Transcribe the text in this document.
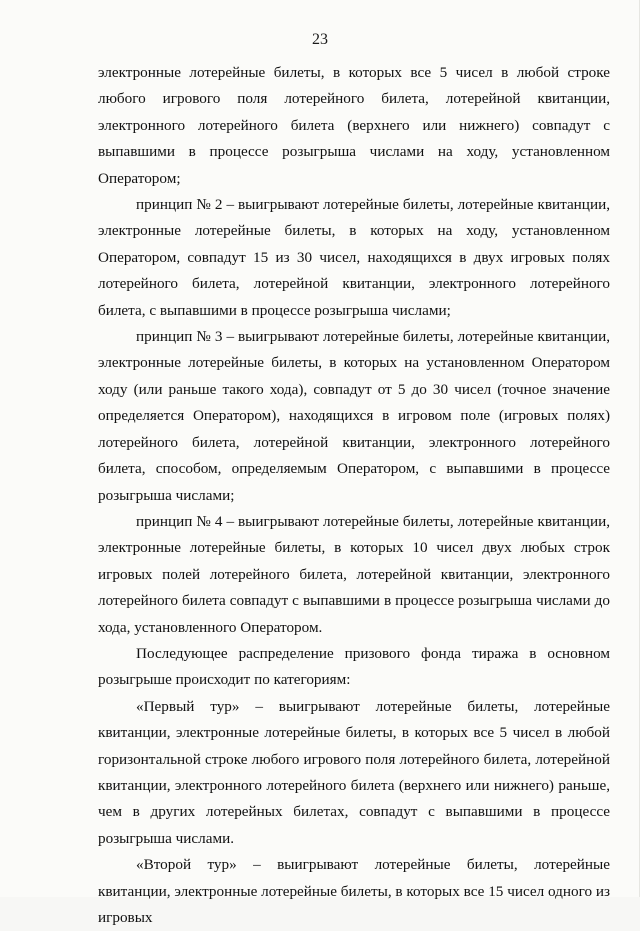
23

электронные лотерейные билеты, в которых все 5 чисел в любой строке любого игрового поля лотерейного билета, лотерейной квитанции, электронного лотерейного билета (верхнего или нижнего) совпадут с выпавшими в процессе розыгрыша числами на ходу, установленном Оператором;

принцип № 2 – выигрывают лотерейные билеты, лотерейные квитанции, электронные лотерейные билеты, в которых на ходу, установленном Оператором, совпадут 15 из 30 чисел, находящихся в двух игровых полях лотерейного билета, лотерейной квитанции, электронного лотерейного билета, с выпавшими в процессе розыгрыша числами;

принцип № 3 – выигрывают лотерейные билеты, лотерейные квитанции, электронные лотерейные билеты, в которых на установленном Оператором ходу (или раньше такого хода), совпадут от 5 до 30 чисел (точное значение определяется Оператором), находящихся в игровом поле (игровых полях) лотерейного билета, лотерейной квитанции, электронного лотерейного билета, способом, определяемым Оператором, с выпавшими в процессе розыгрыша числами;

принцип № 4 – выигрывают лотерейные билеты, лотерейные квитанции, электронные лотерейные билеты, в которых 10 чисел двух любых строк игровых полей лотерейного билета, лотерейной квитанции, электронного лотерейного билета совпадут с выпавшими в процессе розыгрыша числами до хода, установленного Оператором.

Последующее распределение призового фонда тиража в основном розыгрыше происходит по категориям:

«Первый тур» – выигрывают лотерейные билеты, лотерейные квитанции, электронные лотерейные билеты, в которых все 5 чисел в любой горизонтальной строке любого игрового поля лотерейного билета, лотерейной квитанции, электронного лотерейного билета (верхнего или нижнего) раньше, чем в других лотерейных билетах, совпадут с выпавшими в процессе розыгрыша числами.

«Второй тур» – выигрывают лотерейные билеты, лотерейные квитанции, электронные лотерейные билеты, в которых все 15 чисел одного из игровых
